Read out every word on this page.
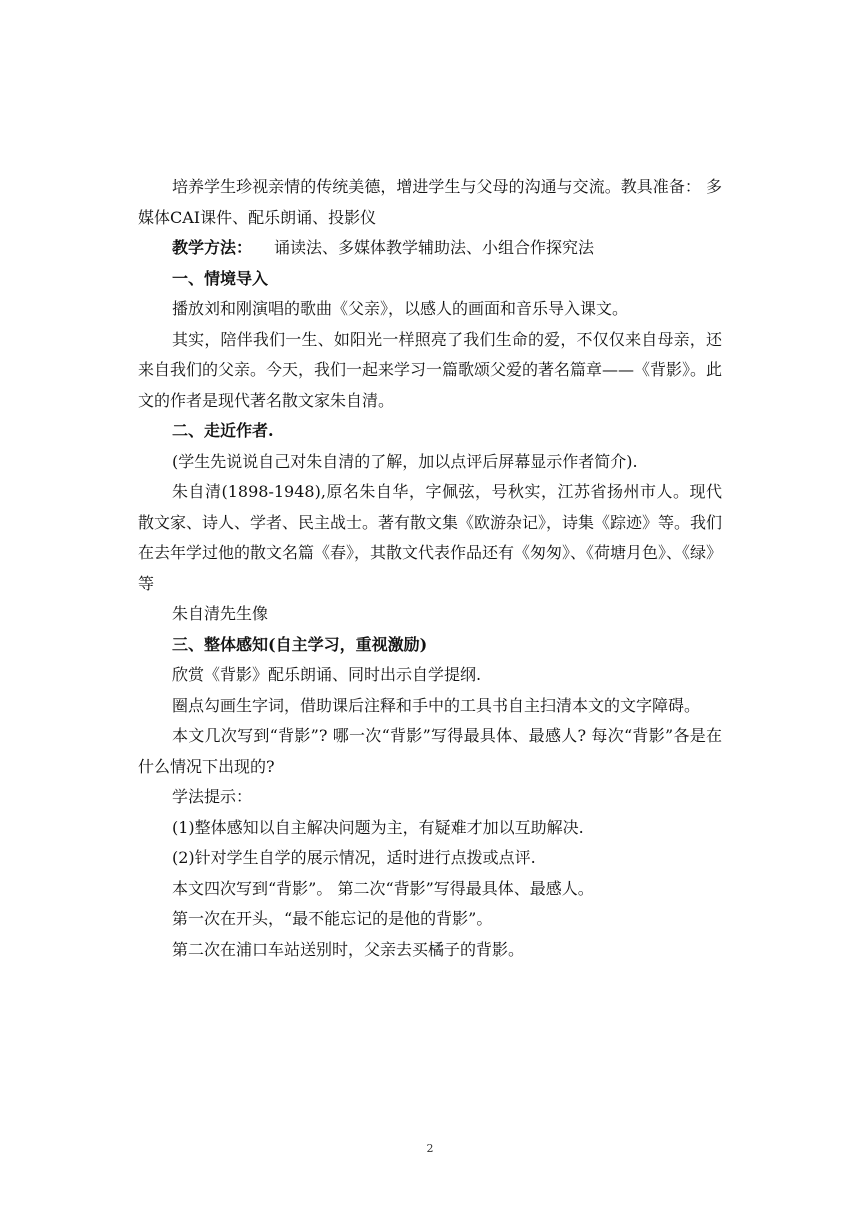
培养学生珍视亲情的传统美德，增进学生与父母的沟通与交流。教具准备： 多媒体CAI课件、配乐朗诵、投影仪

教学方法： 诵读法、多媒体教学辅助法、小组合作探究法

一、情境导入

播放刘和刚演唱的歌曲《父亲》，以感人的画面和音乐导入课文。

其实，陪伴我们一生、如阳光一样照亮了我们生命的爱，不仅仅来自母亲，还来自我们的父亲。今天，我们一起来学习一篇歌颂父爱的著名篇章——《背影》。此文的作者是现代著名散文家朱自清。

二、走近作者.

(学生先说说自己对朱自清的了解，加以点评后屏幕显示作者简介).

朱自清(1898-1948),原名朱自华，字佩弦，号秋实，江苏省扬州市人。现代散文家、诗人、学者、民主战士。著有散文集《欧游杂记》，诗集《踪迹》等。我们在去年学过他的散文名篇《春》，其散文代表作品还有《匆匆》、《荷塘月色》、《绿》等

朱自清先生像

三、整体感知(自主学习，重视激励)

欣赏《背影》配乐朗诵、同时出示自学提纲.

圈点勾画生字词，借助课后注释和手中的工具书自主扫清本文的文字障碍。

本文几次写到“背影”? 哪一次“背影”写得最具体、最感人? 每次“背影”各是在什么情况下出现的?

学法提示：

(1)整体感知以自主解决问题为主，有疑难才加以互助解决.

(2)针对学生自学的展示情况，适时进行点拨或点评.

本文四次写到“背影”。 第二次“背影”写得最具体、最感人。

第一次在开头，“最不能忘记的是他的背影”。

第二次在浦口车站送别时，父亲去买橘子的背影。

2
